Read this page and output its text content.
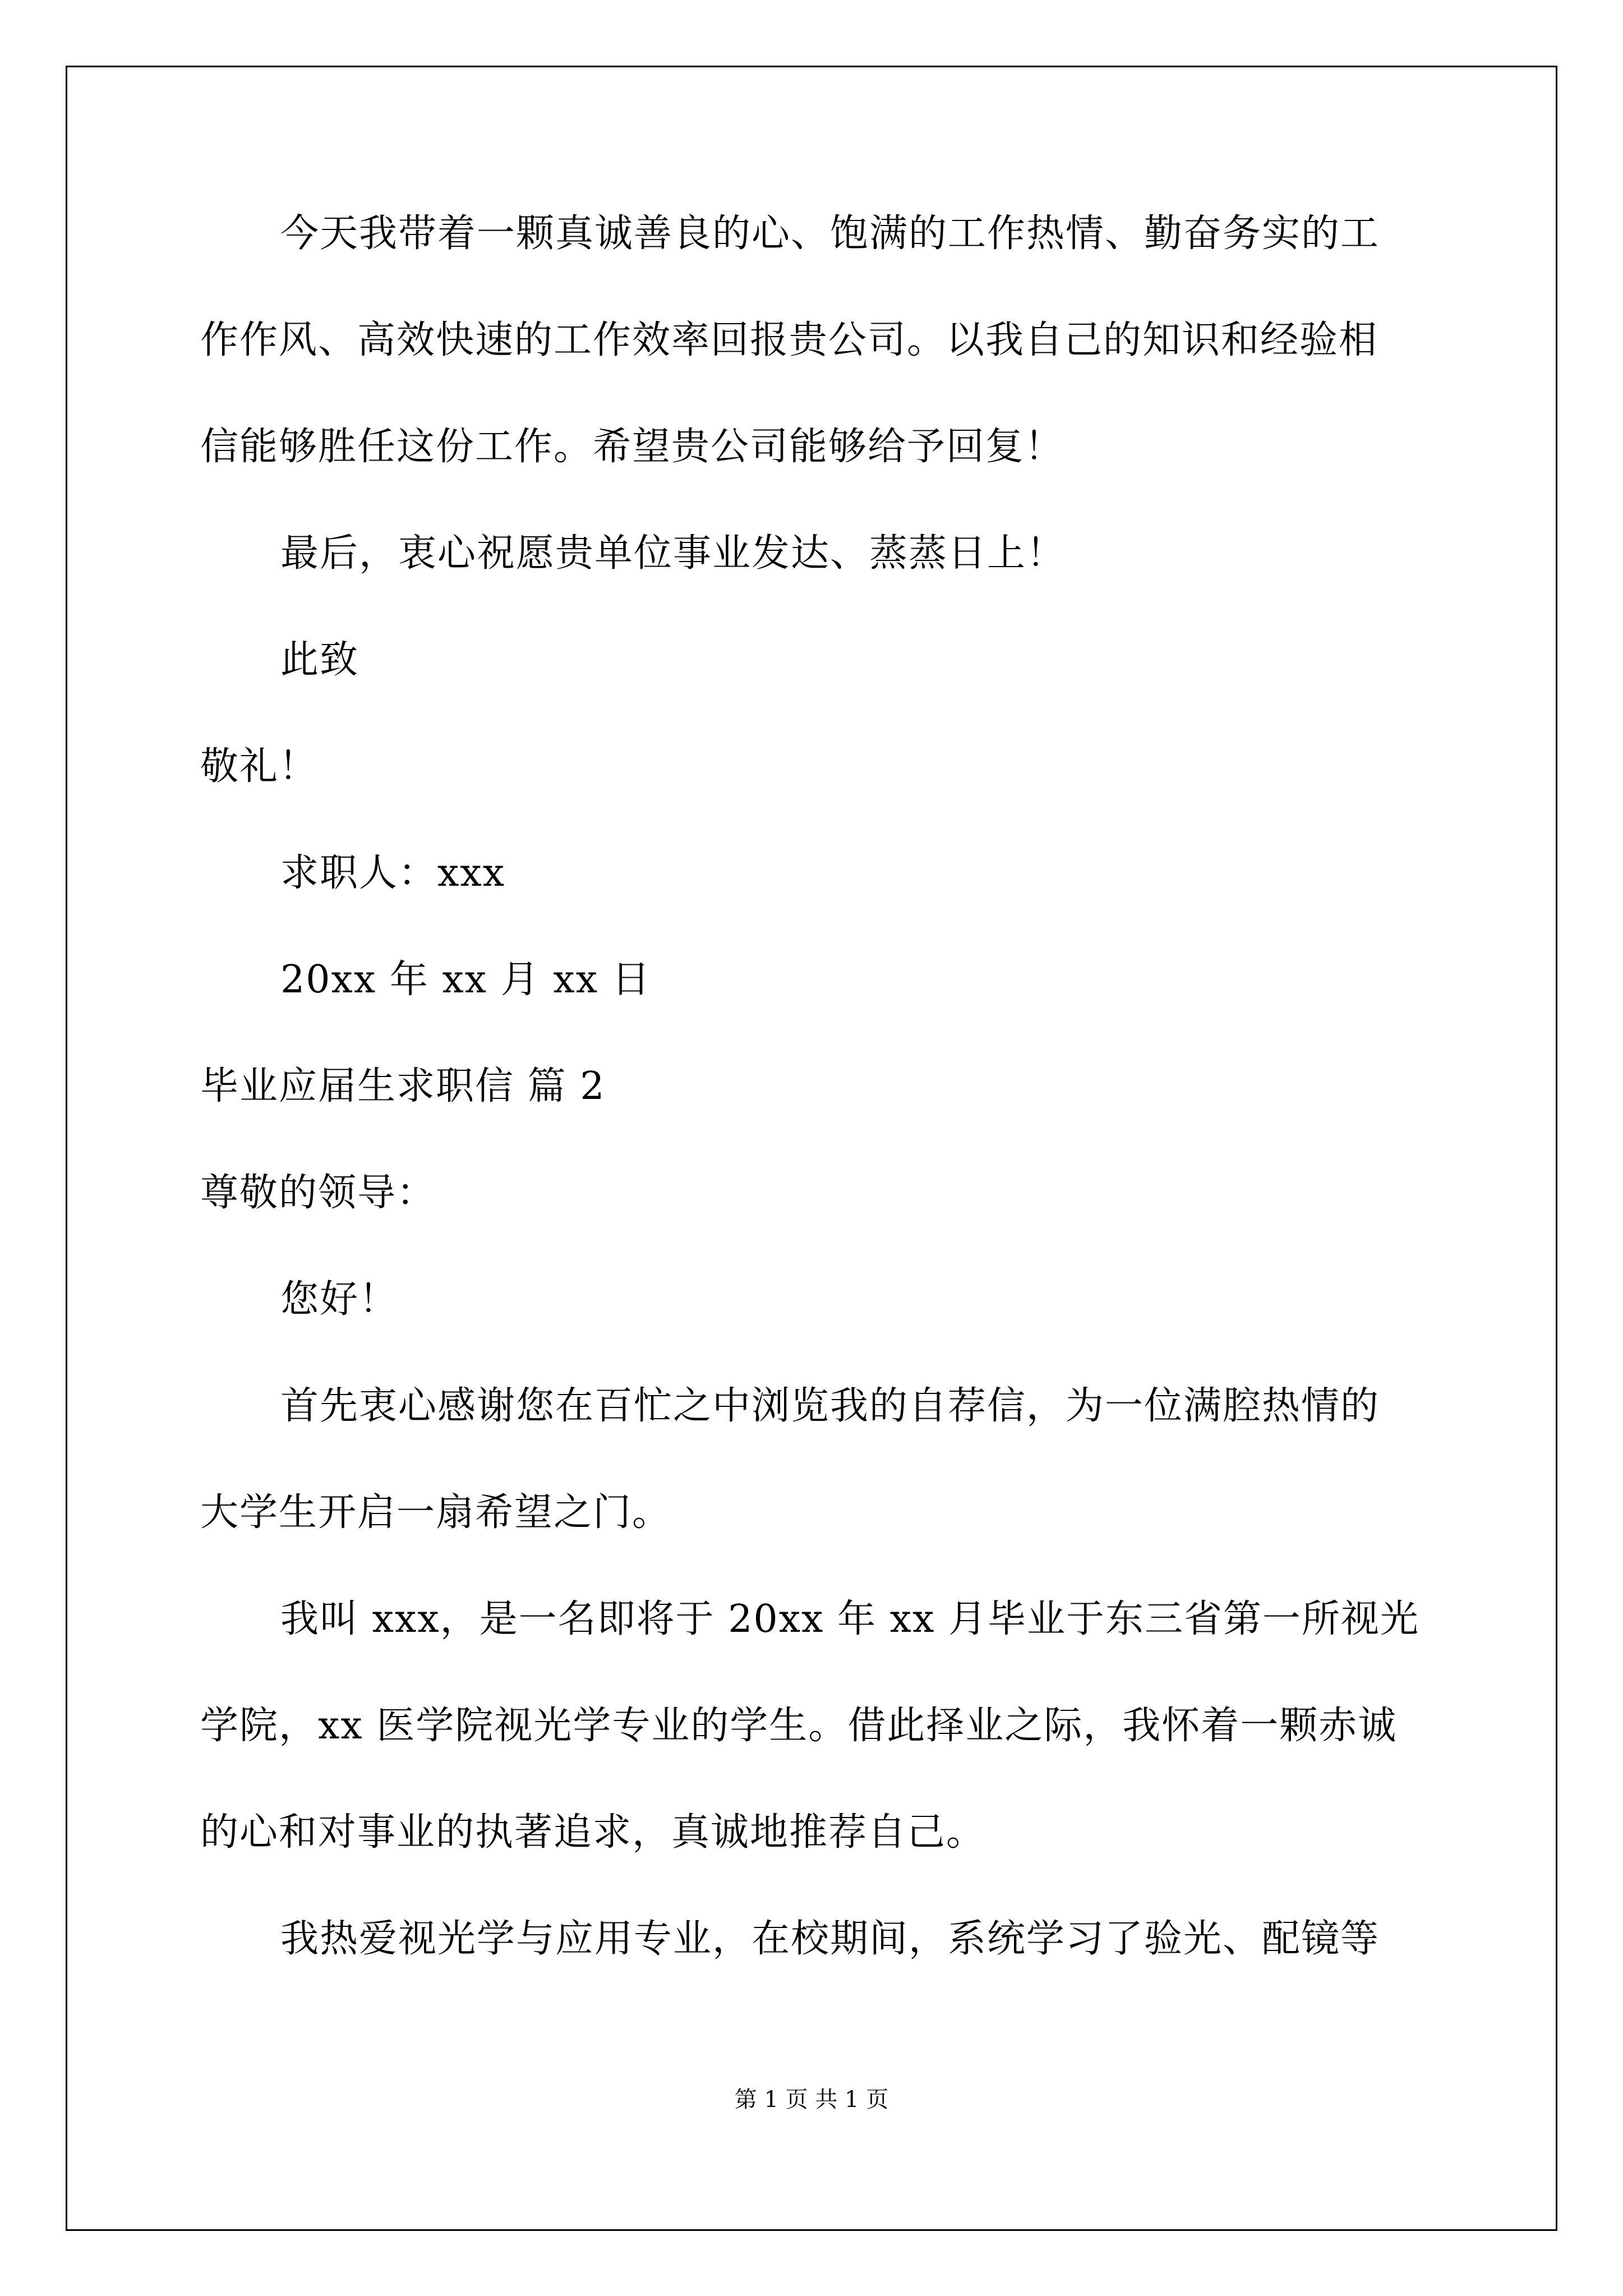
今天我带着一颗真诚善良的心、饱满的工作热情、勤奋务实的工
作作风、高效快速的工作效率回报贵公司。以我自己的知识和经验相
信能够胜任这份工作。希望贵公司能够给予回复！
最后，衷心祝愿贵单位事业发达、蒸蒸日上！
此致
敬礼！
求职人：xxx
20xx 年 xx 月 xx 日
毕业应届生求职信 篇 2
尊敬的领导：
您好！
首先衷心感谢您在百忙之中浏览我的自荐信，为一位满腔热情的
大学生开启一扇希望之门。
我叫 xxx，是一名即将于 20xx 年 xx 月毕业于东三省第一所视光
学院，xx 医学院视光学专业的学生。借此择业之际，我怀着一颗赤诚
的心和对事业的执著追求，真诚地推荐自己。
我热爱视光学与应用专业，在校期间，系统学习了验光、配镜等
第 1 页 共 1 页
